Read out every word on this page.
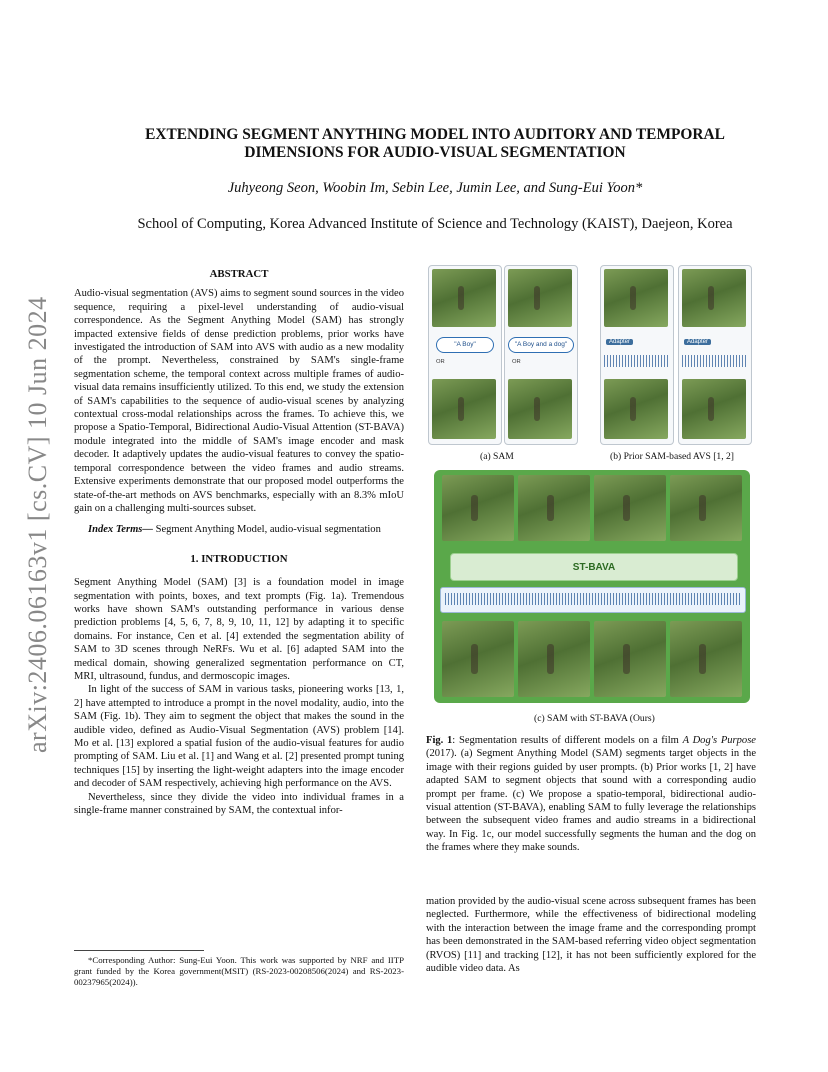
arXiv:2406.06163v1 [cs.CV] 10 Jun 2024
EXTENDING SEGMENT ANYTHING MODEL INTO AUDITORY AND TEMPORAL
DIMENSIONS FOR AUDIO-VISUAL SEGMENTATION
Juhyeong Seon, Woobin Im, Sebin Lee, Jumin Lee, and Sung-Eui Yoon*
School of Computing, Korea Advanced Institute of Science and Technology (KAIST), Daejeon, Korea
ABSTRACT

Audio-visual segmentation (AVS) aims to segment sound sources in the video sequence, requiring a pixel-level understanding of audio-visual correspondence. As the Segment Anything Model (SAM) has strongly impacted extensive fields of dense prediction problems, prior works have investigated the introduction of SAM into AVS with audio as a new modality of the prompt. Nevertheless, constrained by SAM's single-frame segmentation scheme, the temporal context across multiple frames of audio-visual data remains insufficiently utilized. To this end, we study the extension of SAM's capabilities to the sequence of audio-visual scenes by analyzing contextual cross-modal relationships across the frames. To achieve this, we propose a Spatio-Temporal, Bidirectional Audio-Visual Attention (ST-BAVA) module integrated into the middle of SAM's image encoder and mask decoder. It adaptively updates the audio-visual features to convey the spatio-temporal correspondence between the video frames and audio streams. Extensive experiments demonstrate that our proposed model outperforms the state-of-the-art methods on AVS benchmarks, especially with an 8.3% mIoU gain on a challenging multi-sources subset.

Index Terms— Segment Anything Model, audio-visual segmentation

1. INTRODUCTION

Segment Anything Model (SAM) [3] is a foundation model in image segmentation with points, boxes, and text prompts (Fig. 1a). Tremendous works have shown SAM's outstanding performance in various dense prediction problems [4, 5, 6, 7, 8, 9, 10, 11, 12] by adapting it to specific domains. For instance, Cen et al. [4] extended the segmentation ability of SAM to 3D scenes through NeRFs. Wu et al. [6] adapted SAM into the medical domain, showing generalized segmentation performance on CT, MRI, ultrasound, fundus, and dermoscopic images.

In light of the success of SAM in various tasks, pioneering works [13, 1, 2] have attempted to introduce a prompt in the novel modality, audio, into the SAM (Fig. 1b). They aim to segment the object that makes the sound in the audible video, defined as Audio-Visual Segmentation (AVS) problem [14]. Mo et al. [13] explored a spatial fusion of the audio-visual features for audio prompting of SAM. Liu et al. [1] and Wang et al. [2] presented prompt tuning techniques [15] by inserting the light-weight adapters into the image encoder and decoder of SAM respectively, achieving high performance on the AVS.

Nevertheless, since they divide the video into individual frames in a single-frame manner constrained by SAM, the contextual infor-

*Corresponding Author: Sung-Eui Yoon. This work was supported by NRF and IITP grant funded by the Korea government(MSIT) (RS-2023-00208506(2024) and RS-2023-00237965(2024)).
"A Boy"	"A Boy and a dog"
OR	OR
Adapter	Adapter
(a) SAM	(b) Prior SAM-based AVS [1, 2]
ST-BAVA
(c) SAM with ST-BAVA (Ours)
Fig. 1: Segmentation results of different models on a film A Dog's Purpose (2017). (a) Segment Anything Model (SAM) segments target objects in the image with their regions guided by user prompts. (b) Prior works [1, 2] have adapted SAM to segment objects that sound with a corresponding audio prompt per frame. (c) We propose a spatio-temporal, bidirectional audio-visual attention (ST-BAVA), enabling SAM to fully leverage the relationships between the subsequent video frames and audio streams in a bidirectional way. In Fig. 1c, our model successfully segments the human and the dog on the frames where they make sounds.
mation provided by the audio-visual scene across subsequent frames has been neglected. Furthermore, while the effectiveness of bidirectional modeling with the interaction between the image frame and the corresponding prompt has been demonstrated in the SAM-based referring video object segmentation (RVOS) [11] and tracking [12], it has not been sufficiently explored for the audible video data. As
